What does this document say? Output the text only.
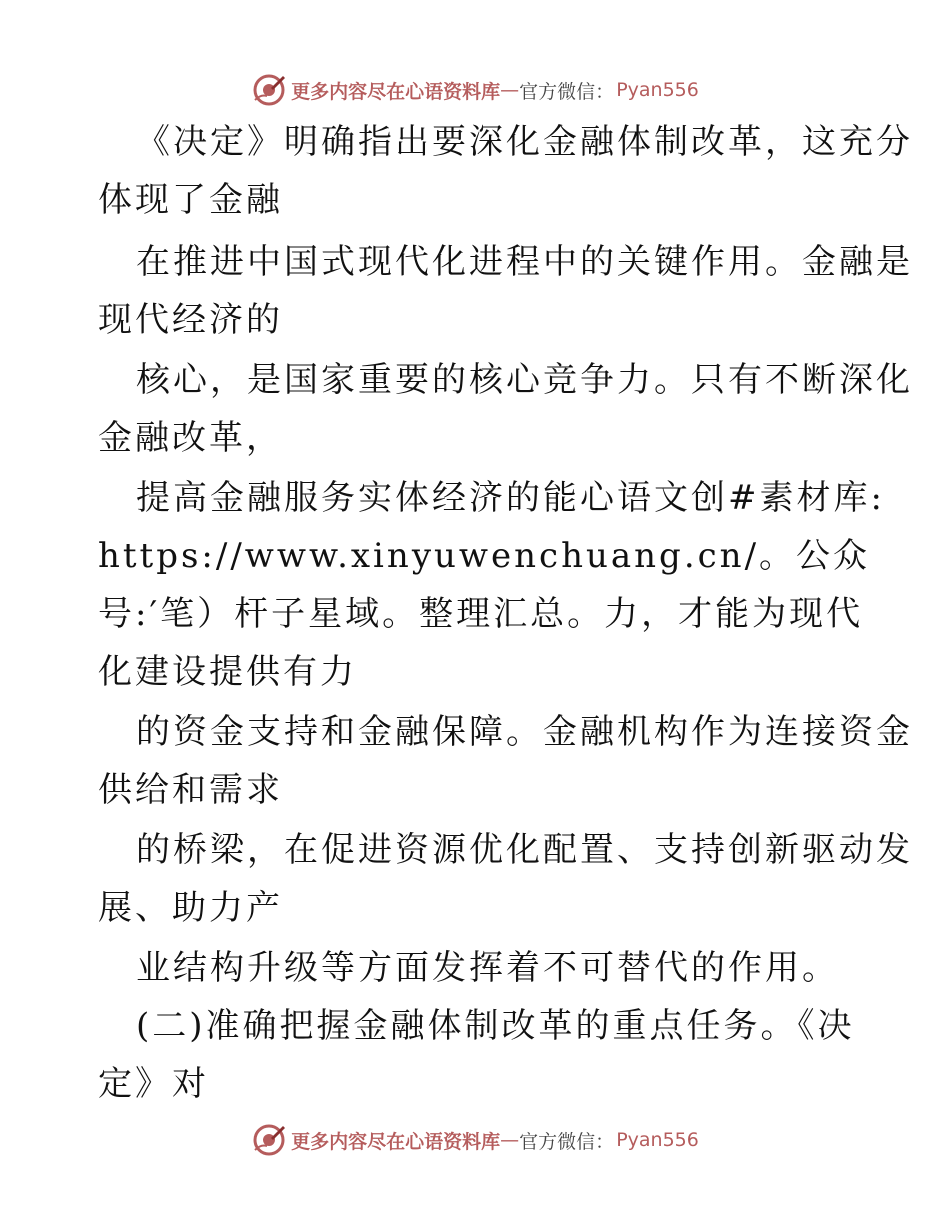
更多内容尽在心语资料库 — 官方微信： Pyan556
《决定》明确指出要深化金融体制改革，这充分
体现了金融
在推进中国式现代化进程中的关键作用。金融是
现代经济的
核心，是国家重要的核心竞争力。只有不断深化
金融改革，
提高金融服务实体经济的能心语文创#素材库:
https://www.xinyuwenchuang.cn/。公众
号:′笔）杆子星域。整理汇总。力，才能为现代
化建设提供有力
的资金支持和金融保障。金融机构作为连接资金
供给和需求
的桥梁，在促进资源优化配置、支持创新驱动发
展、助力产
业结构升级等方面发挥着不可替代的作用。
(二)准确把握金融体制改革的重点任务。《决
定》对
更多内容尽在心语资料库 — 官方微信： Pyan556
